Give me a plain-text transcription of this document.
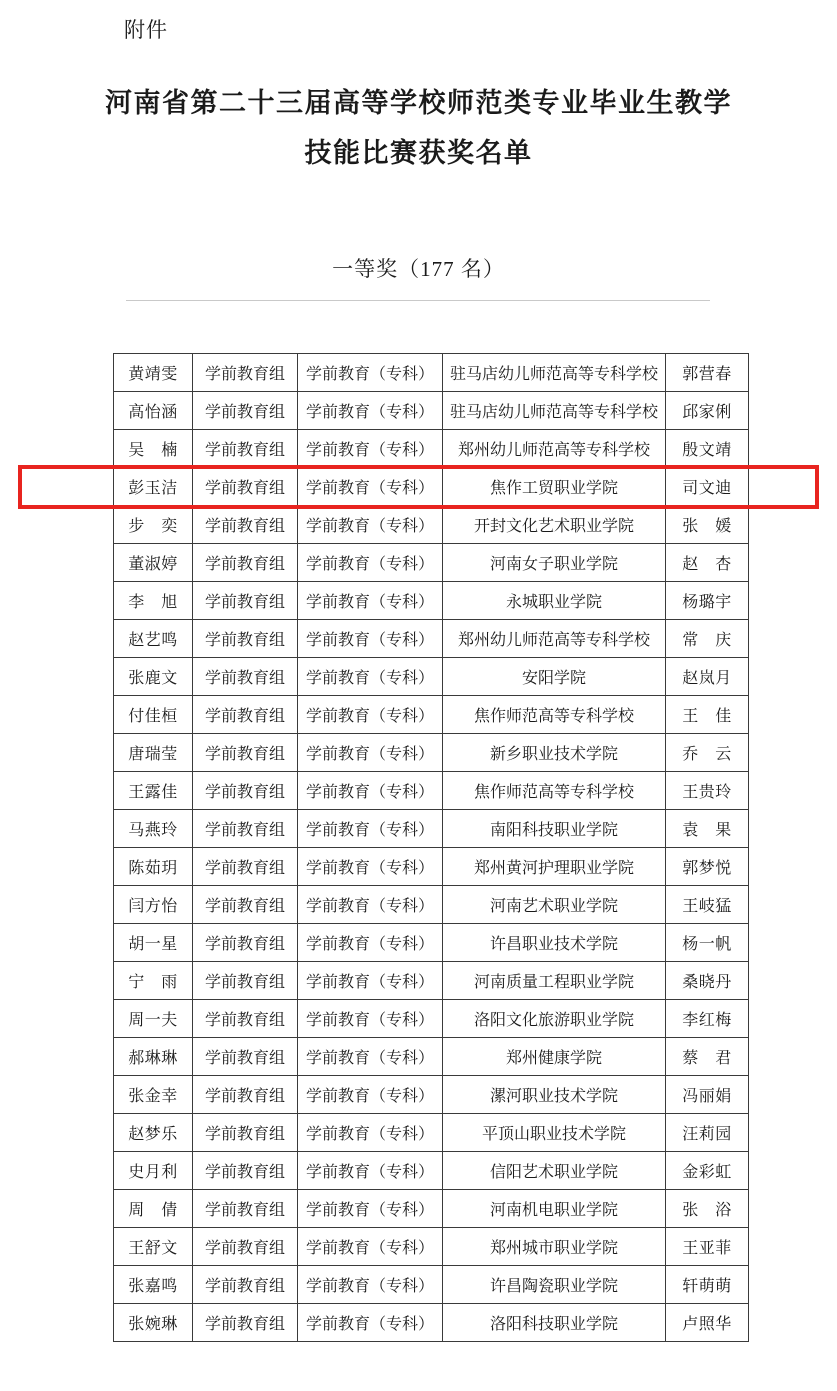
附件
河南省第二十三届高等学校师范类专业毕业生教学
技能比赛获奖名单
一等奖（177 名）
黄靖雯	学前教育组	学前教育（专科）	驻马店幼儿师范高等专科学校	郭营春
高怡涵	学前教育组	学前教育（专科）	驻马店幼儿师范高等专科学校	邱家俐
吴　楠	学前教育组	学前教育（专科）	郑州幼儿师范高等专科学校	殷文靖
彭玉洁	学前教育组	学前教育（专科）	焦作工贸职业学院	司文迪
步　奕	学前教育组	学前教育（专科）	开封文化艺术职业学院	张　媛
董淑婷	学前教育组	学前教育（专科）	河南女子职业学院	赵　杏
李　旭	学前教育组	学前教育（专科）	永城职业学院	杨璐宇
赵艺鸣	学前教育组	学前教育（专科）	郑州幼儿师范高等专科学校	常　庆
张鹿文	学前教育组	学前教育（专科）	安阳学院	赵岚月
付佳桓	学前教育组	学前教育（专科）	焦作师范高等专科学校	王　佳
唐瑞莹	学前教育组	学前教育（专科）	新乡职业技术学院	乔　云
王露佳	学前教育组	学前教育（专科）	焦作师范高等专科学校	王贵玲
马燕玲	学前教育组	学前教育（专科）	南阳科技职业学院	袁　果
陈茹玥	学前教育组	学前教育（专科）	郑州黄河护理职业学院	郭梦悦
闫方怡	学前教育组	学前教育（专科）	河南艺术职业学院	王岐猛
胡一星	学前教育组	学前教育（专科）	许昌职业技术学院	杨一帆
宁　雨	学前教育组	学前教育（专科）	河南质量工程职业学院	桑晓丹
周一夫	学前教育组	学前教育（专科）	洛阳文化旅游职业学院	李红梅
郝琳琳	学前教育组	学前教育（专科）	郑州健康学院	蔡　君
张金幸	学前教育组	学前教育（专科）	漯河职业技术学院	冯丽娟
赵梦乐	学前教育组	学前教育（专科）	平顶山职业技术学院	汪莉园
史月利	学前教育组	学前教育（专科）	信阳艺术职业学院	金彩虹
周　倩	学前教育组	学前教育（专科）	河南机电职业学院	张　浴
王舒文	学前教育组	学前教育（专科）	郑州城市职业学院	王亚菲
张嘉鸣	学前教育组	学前教育（专科）	许昌陶瓷职业学院	轩萌萌
张婉琳	学前教育组	学前教育（专科）	洛阳科技职业学院	卢照华
